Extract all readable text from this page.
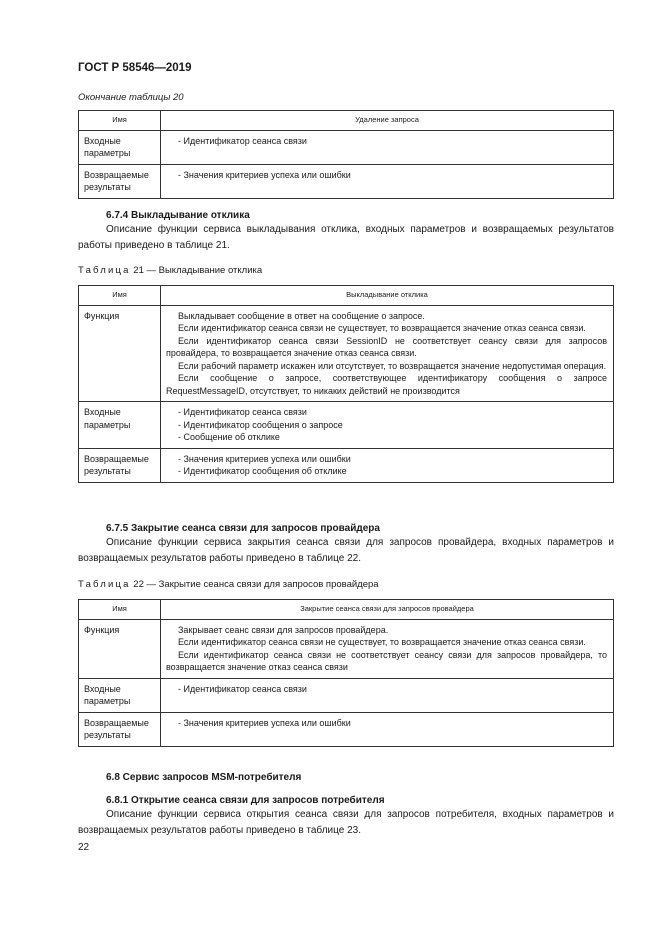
ГОСТ Р 58546—2019
Окончание таблицы 20
Имя	Удаление запроса

Входные
параметры	- Идентификатор сеанса связи

Возвращаемые
результаты	- Значения критериев успеха или ошибки
6.7.4 Выкладывание отклика
Описание функции сервиса выкладывания отклика, входных параметров и возвращаемых результатов работы приведено в таблице 21.
Таблица 21 — Выкладывание отклика
Имя	Выкладывание отклика
Функция	Выкладывает сообщение в ответ на сообщение о запросе.
Если идентификатор сеанса связи не существует, то возвращается значение отказ сеанса связи.
Если идентификатор сеанса связи SessionID не соответствует сеансу связи для запросов провайдера, то возвращается значение отказ сеанса связи.
Если рабочий параметр искажен или отсутствует, то возвращается значение недопустимая операция.
Если сообщение о запросе, соответствующее идентификатору сообщения о запросе RequestMessageID, отсутствует, то никаких действий не производится

Входные
параметры	- Идентификатор сеанса связи
- Идентификатор сообщения о запросе
- Сообщение об отклике

Возвращаемые
результаты	- Значения критериев успеха или ошибки
- Идентификатор сообщения об отклике
6.7.5 Закрытие сеанса связи для запросов провайдера
Описание функции сервиса закрытия сеанса связи для запросов провайдера, входных параметров и возвращаемых результатов работы приведено в таблице 22.
Таблица 22 — Закрытие сеанса связи для запросов провайдера
Имя	Закрытие сеанса связи для запросов провайдера
Функция	Закрывает сеанс связи для запросов провайдера.
Если идентификатор сеанса связи не существует, то возвращается значение отказ сеанса связи.
Если идентификатор сеанса связи не соответствует сеансу связи для запросов провайдера, то возвращается значение отказ сеанса связи

Входные
параметры	- Идентификатор сеанса связи

Возвращаемые
результаты	- Значения критериев успеха или ошибки
6.8 Сервис запросов MSM-потребителя
6.8.1 Открытие сеанса связи для запросов потребителя
Описание функции сервиса открытия сеанса связи для запросов потребителя, входных параметров и возвращаемых результатов работы приведено в таблице 23.
22
